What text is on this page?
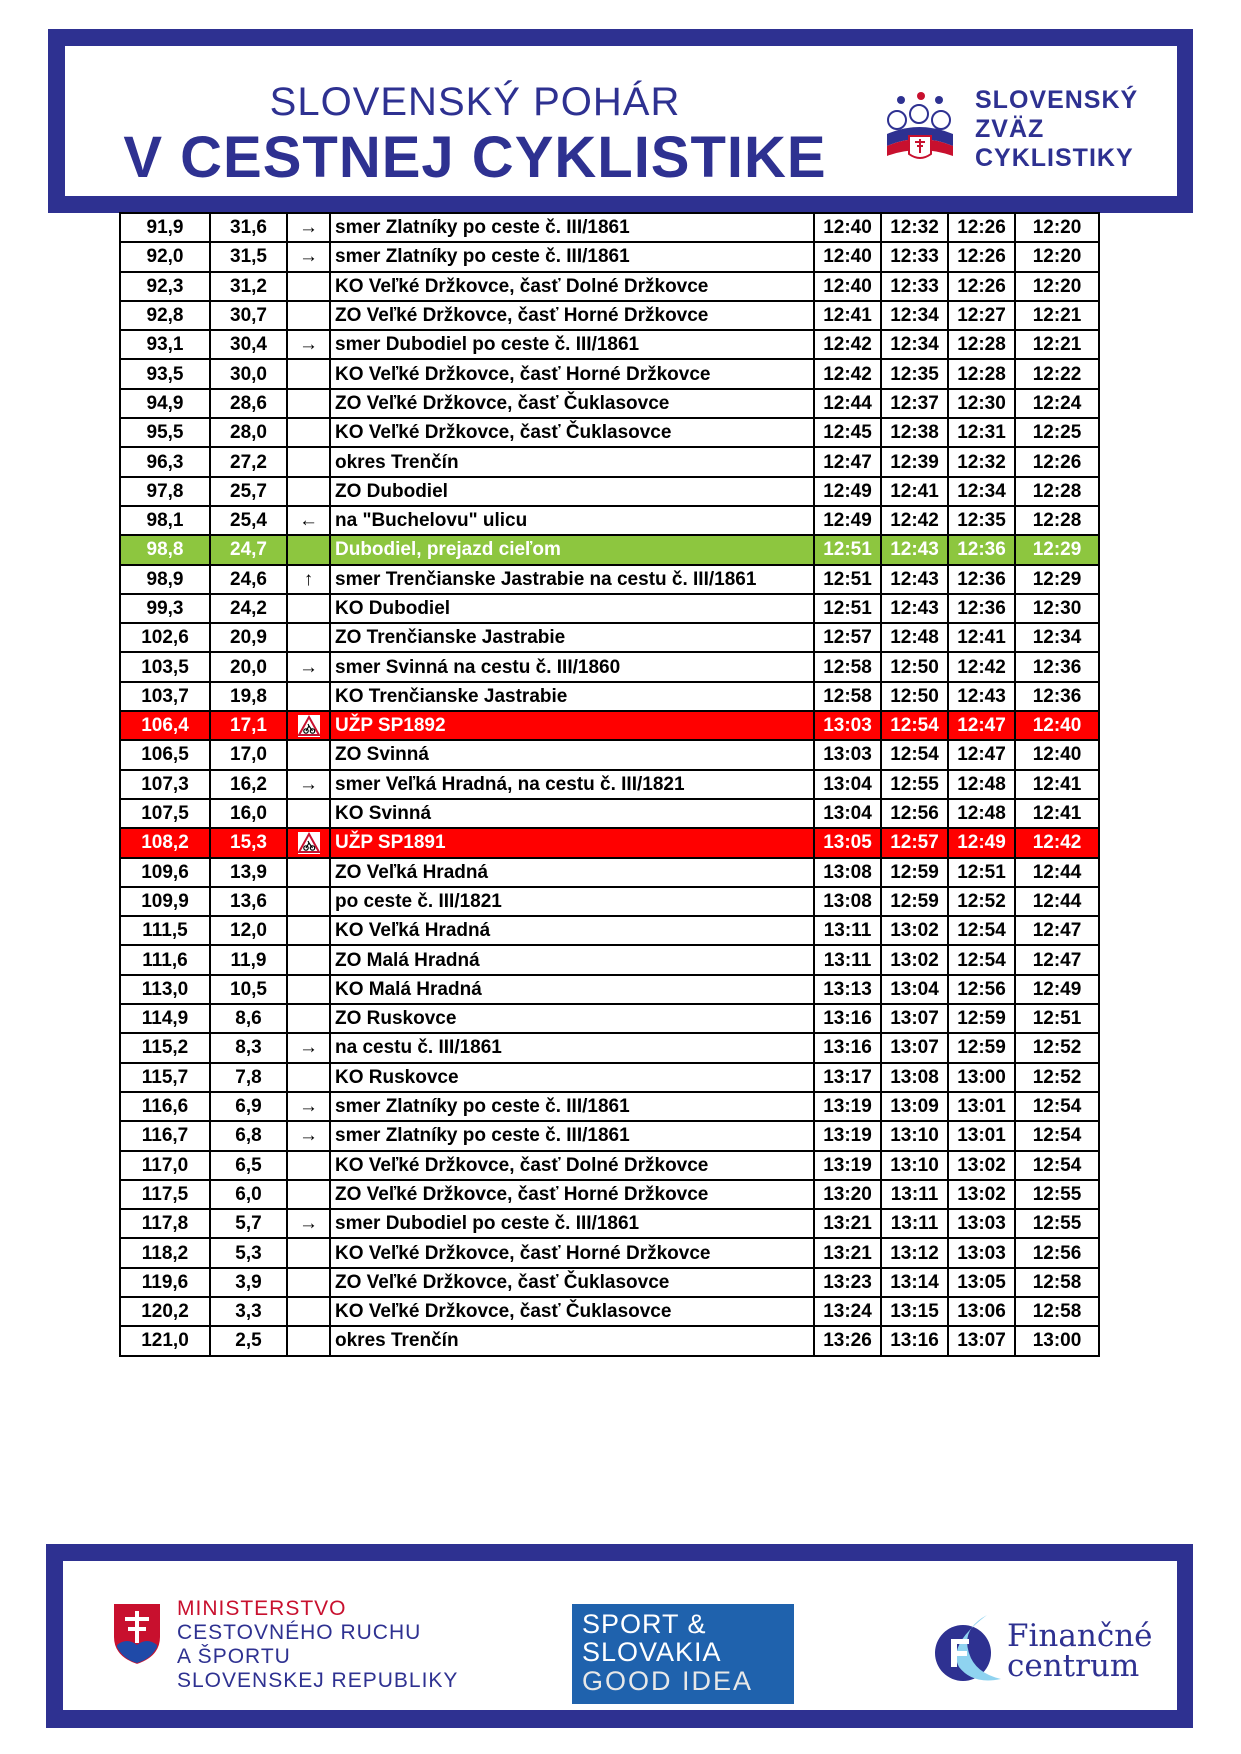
SLOVENSKÝ POHÁR
V CESTNEJ CYKLISTIKE
SLOVENSKÝ
ZVÄZ
CYKLISTIKY
91,9	31,6	→	smer Zlatníky po ceste č. III/1861	12:40	12:32	12:26	12:20
92,0	31,5	→	smer Zlatníky po ceste č. III/1861	12:40	12:33	12:26	12:20
92,3	31,2		KO Veľké Držkovce, časť Dolné Držkovce	12:40	12:33	12:26	12:20
92,8	30,7		ZO Veľké Držkovce, časť Horné Držkovce	12:41	12:34	12:27	12:21
93,1	30,4	→	smer Dubodiel po ceste č. III/1861	12:42	12:34	12:28	12:21
93,5	30,0		KO Veľké Držkovce, časť Horné Držkovce	12:42	12:35	12:28	12:22
94,9	28,6		ZO Veľké Držkovce, časť Čuklasovce	12:44	12:37	12:30	12:24
95,5	28,0		KO Veľké Držkovce, časť Čuklasovce	12:45	12:38	12:31	12:25
96,3	27,2		okres Trenčín	12:47	12:39	12:32	12:26
97,8	25,7		ZO Dubodiel	12:49	12:41	12:34	12:28
98,1	25,4	←	na "Buchelovu" ulicu	12:49	12:42	12:35	12:28
98,8	24,7		Dubodiel, prejazd cieľom	12:51	12:43	12:36	12:29
98,9	24,6	↑	smer Trenčianske Jastrabie na cestu č. III/1861	12:51	12:43	12:36	12:29
99,3	24,2		KO Dubodiel	12:51	12:43	12:36	12:30
102,6	20,9		ZO Trenčianske Jastrabie	12:57	12:48	12:41	12:34
103,5	20,0	→	smer Svinná na cestu č. III/1860	12:58	12:50	12:42	12:36
103,7	19,8		KO Trenčianske Jastrabie	12:58	12:50	12:43	12:36
106,4	17,1		UŽP SP1892	13:03	12:54	12:47	12:40
106,5	17,0		ZO Svinná	13:03	12:54	12:47	12:40
107,3	16,2	→	smer Veľká Hradná, na cestu č. III/1821	13:04	12:55	12:48	12:41
107,5	16,0		KO Svinná	13:04	12:56	12:48	12:41
108,2	15,3		UŽP SP1891	13:05	12:57	12:49	12:42
109,6	13,9		ZO Veľká Hradná	13:08	12:59	12:51	12:44
109,9	13,6		po ceste č. III/1821	13:08	12:59	12:52	12:44
111,5	12,0		KO Veľká Hradná	13:11	13:02	12:54	12:47
111,6	11,9		ZO Malá Hradná	13:11	13:02	12:54	12:47
113,0	10,5		KO Malá Hradná	13:13	13:04	12:56	12:49
114,9	8,6		ZO Ruskovce	13:16	13:07	12:59	12:51
115,2	8,3	→	na cestu č. III/1861	13:16	13:07	12:59	12:52
115,7	7,8		KO Ruskovce	13:17	13:08	13:00	12:52
116,6	6,9	→	smer Zlatníky po ceste č. III/1861	13:19	13:09	13:01	12:54
116,7	6,8	→	smer Zlatníky po ceste č. III/1861	13:19	13:10	13:01	12:54
117,0	6,5		KO Veľké Držkovce, časť Dolné Držkovce	13:19	13:10	13:02	12:54
117,5	6,0		ZO Veľké Držkovce, časť Horné Držkovce	13:20	13:11	13:02	12:55
117,8	5,7	→	smer Dubodiel po ceste č. III/1861	13:21	13:11	13:03	12:55
118,2	5,3		KO Veľké Držkovce, časť Horné Držkovce	13:21	13:12	13:03	12:56
119,6	3,9		ZO Veľké Držkovce, časť Čuklasovce	13:23	13:14	13:05	12:58
120,2	3,3		KO Veľké Držkovce, časť Čuklasovce	13:24	13:15	13:06	12:58
121,0	2,5		okres Trenčín	13:26	13:16	13:07	13:00
MINISTERSTVO
CESTOVNÉHO RUCHU
A ŠPORTU
SLOVENSKEJ REPUBLIKY
SPORT &
SLOVAKIA
GOOD IDEA
Finančné
centrum
